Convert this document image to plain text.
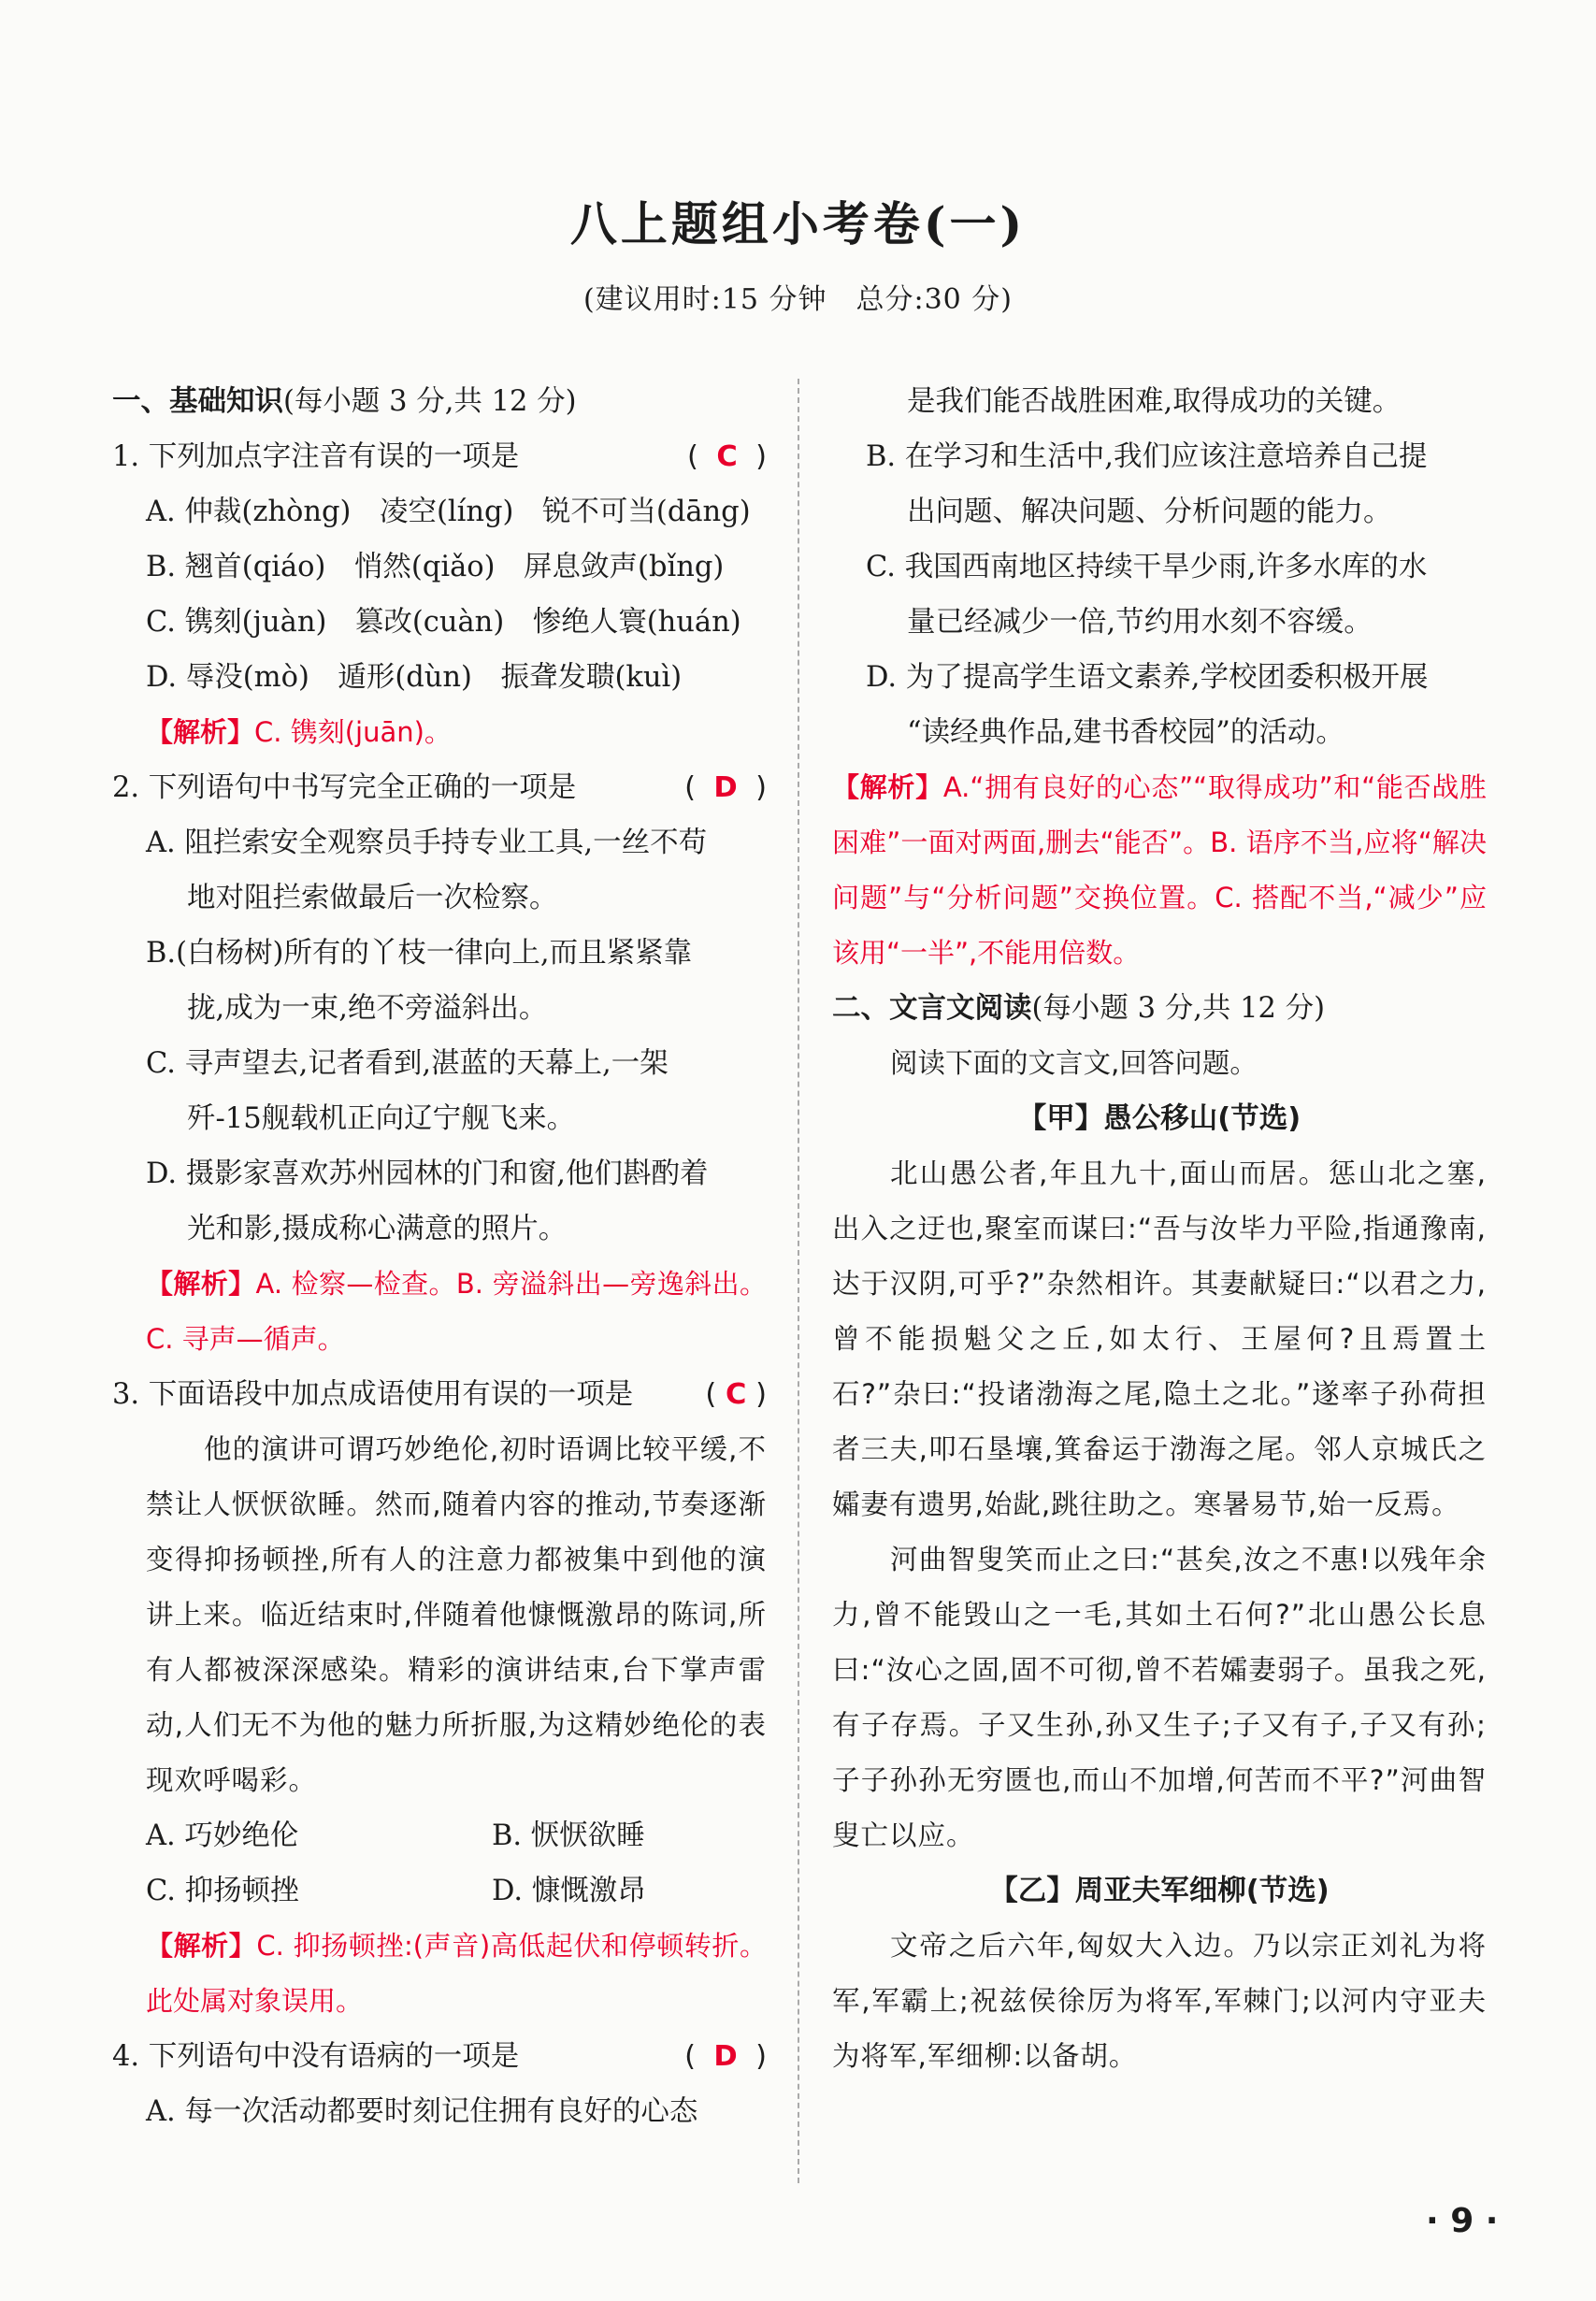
八上题组小考卷(一)
(建议用时:15 分钟　总分:30 分)

一、基础知识(每小题 3 分,共 12 分)

1. 下列加点字注音有误的一项是	(  C  )

A. 仲裁(zhòng)　凌空(líng)　锐不可当(dāng)

B. 翘首(qiáo)　悄然(qiǎo)　屏息敛声(bǐng)

C. 镌刻(juàn)　篡改(cuàn)　惨绝人寰(huán)

D. 辱没(mò)　遁形(dùn)　振聋发聩(kuì)

【解析】C. 镌刻(juān)。

2. 下列语句中书写完全正确的一项是	(  D  )

A. 阻拦索安全观察员手持专业工具,一丝不苟

地对阻拦索做最后一次检察。

B.(白杨树)所有的丫枝一律向上,而且紧紧靠

拢,成为一束,绝不旁溢斜出。

C. 寻声望去,记者看到,湛蓝的天幕上,一架

歼-15舰载机正向辽宁舰飞来。

D. 摄影家喜欢苏州园林的门和窗,他们斟酌着

光和影,摄成称心满意的照片。

【解析】A. 检察—检查。B. 旁溢斜出—旁逸斜出。C. 寻声—循声。

3. 下面语段中加点成语使用有误的一项是	( C )

他的演讲可谓巧妙绝伦,初时语调比较平缓,不禁让人恹恹欲睡。然而,随着内容的推动,节奏逐渐变得抑扬顿挫,所有人的注意力都被集中到他的演讲上来。临近结束时,伴随着他慷慨激昂的陈词,所有人都被深深感染。精彩的演讲结束,台下掌声雷动,人们无不为他的魅力所折服,为这精妙绝伦的表现欢呼喝彩。

A. 巧妙绝伦	B. 恹恹欲睡
C. 抑扬顿挫	D. 慷慨激昂

【解析】C. 抑扬顿挫:(声音)高低起伏和停顿转折。此处属对象误用。

4. 下列语句中没有语病的一项是	(  D  )

A. 每一次活动都要时刻记住拥有良好的心态

是我们能否战胜困难,取得成功的关键。

B. 在学习和生活中,我们应该注意培养自己提

出问题、解决问题、分析问题的能力。

C. 我国西南地区持续干旱少雨,许多水库的水

量已经减少一倍,节约用水刻不容缓。

D. 为了提高学生语文素养,学校团委积极开展

“读经典作品,建书香校园”的活动。

【解析】A.“拥有良好的心态”“取得成功”和“能否战胜困难”一面对两面,删去“能否”。B. 语序不当,应将“解决问题”与“分析问题”交换位置。C. 搭配不当,“减少”应该用“一半”,不能用倍数。

二、文言文阅读(每小题 3 分,共 12 分)

阅读下面的文言文,回答问题。

【甲】愚公移山(节选)

北山愚公者,年且九十,面山而居。惩山北之塞,出入之迂也,聚室而谋曰:“吾与汝毕力平险,指通豫南,达于汉阴,可乎?”杂然相许。其妻献疑曰:“以君之力,曾不能损魁父之丘,如太行、王屋何?且焉置土石?”杂曰:“投诸渤海之尾,隐土之北。”遂率子孙荷担者三夫,叩石垦壤,箕畚运于渤海之尾。邻人京城氏之孀妻有遗男,始龀,跳往助之。寒暑易节,始一反焉。

河曲智叟笑而止之曰:“甚矣,汝之不惠!以残年余力,曾不能毁山之一毛,其如土石何?”北山愚公长息曰:“汝心之固,固不可彻,曾不若孀妻弱子。虽我之死,有子存焉。子又生孙,孙又生子;子又有子,子又有孙;子子孙孙无穷匮也,而山不加增,何苦而不平?”河曲智叟亡以应。

【乙】周亚夫军细柳(节选)

文帝之后六年,匈奴大入边。乃以宗正刘礼为将军,军霸上;祝兹侯徐厉为将军,军棘门;以河内守亚夫为将军,军细柳:以备胡。

· 9 ·
